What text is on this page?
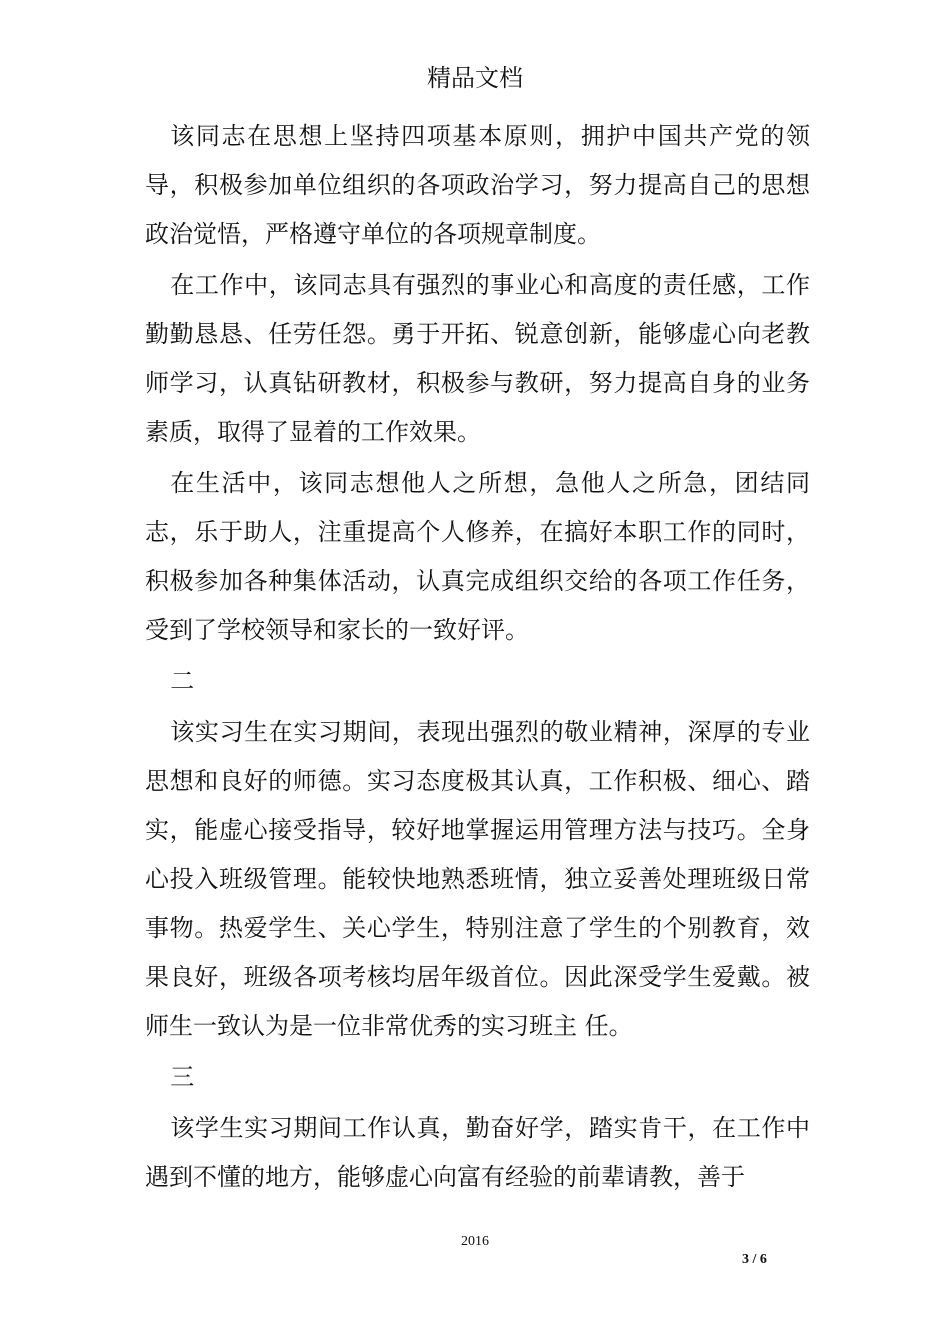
精品文档

该同志在思想上坚持四项基本原则，拥护中国共产党的领导，积极参加单位组织的各项政治学习，努力提高自己的思想政治觉悟，严格遵守单位的各项规章制度。

在工作中，该同志具有强烈的事业心和高度的责任感，工作勤勤恳恳、任劳任怨。勇于开拓、锐意创新，能够虚心向老教师学习，认真钻研教材，积极参与教研，努力提高自身的业务素质，取得了显着的工作效果。

在生活中，该同志想他人之所想，急他人之所急，团结同志，乐于助人，注重提高个人修养，在搞好本职工作的同时，积极参加各种集体活动，认真完成组织交给的各项工作任务，受到了学校领导和家长的一致好评。

二

该实习生在实习期间，表现出强烈的敬业精神，深厚的专业思想和良好的师德。实习态度极其认真，工作积极、细心、踏实，能虚心接受指导，较好地掌握运用管理方法与技巧。全身心投入班级管理。能较快地熟悉班情，独立妥善处理班级日常事物。热爱学生、关心学生，特别注意了学生的个别教育，效果良好，班级各项考核均居年级首位。因此深受学生爱戴。被师生一致认为是一位非常优秀的实习班主 任。

三

该学生实习期间工作认真，勤奋好学，踏实肯干，在工作中遇到不懂的地方，能够虚心向富有经验的前辈请教，善于

2016
3 / 6
